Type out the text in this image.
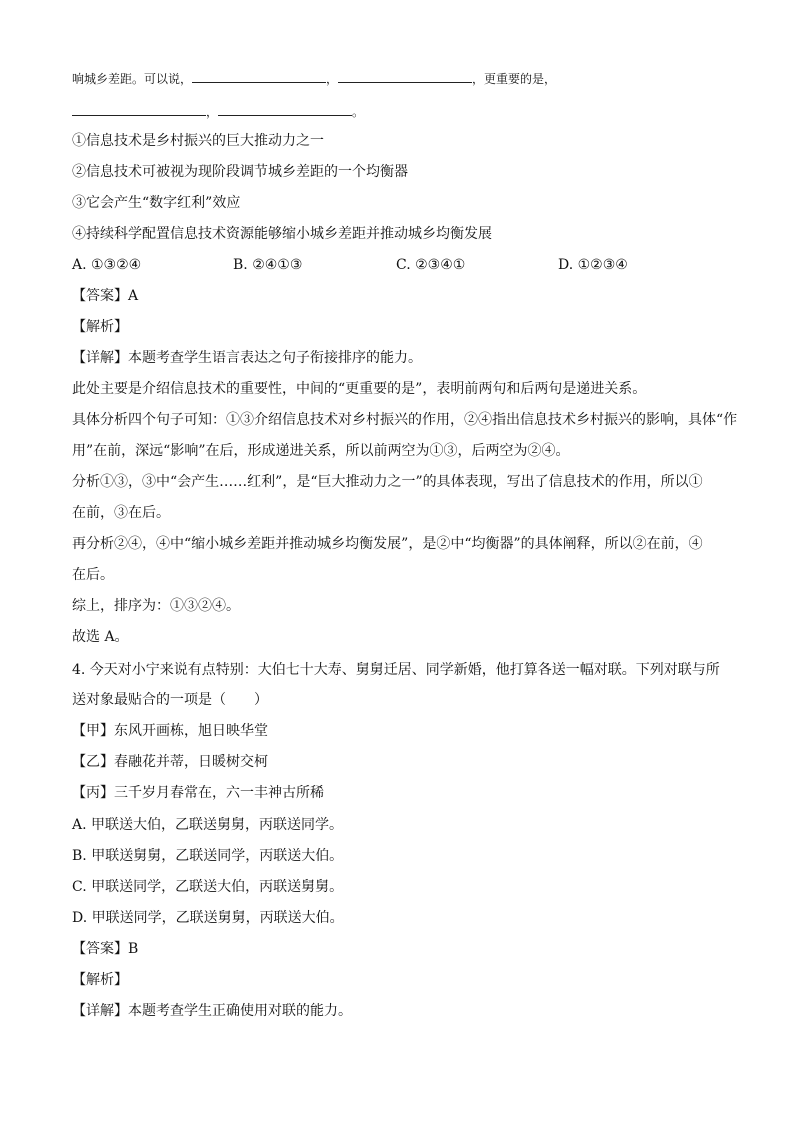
响城乡差距。可以说，	，	，更重要的是，
，	。
①信息技术是乡村振兴的巨大推动力之一
②信息技术可被视为现阶段调节城乡差距的一个均衡器
③它会产生“数字红利”效应
④持续科学配置信息技术资源能够缩小城乡差距并推动城乡均衡发展
A. ①③②④	B. ②④①③	C. ②③④①	D. ①②③④
【答案】A
【解析】
【详解】本题考查学生语言表达之句子衔接排序的能力。
此处主要是介绍信息技术的重要性，中间的“更重要的是”，表明前两句和后两句是递进关系。
具体分析四个句子可知：①③介绍信息技术对乡村振兴的作用，②④指出信息技术乡村振兴的影响，具体“作
用”在前，深远“影响”在后，形成递进关系，所以前两空为①③，后两空为②④。
分析①③，③中“会产生……红利”，是“巨大推动力之一”的具体表现，写出了信息技术的作用，所以①
在前，③在后。
再分析②④，④中“缩小城乡差距并推动城乡均衡发展”，是②中“均衡器”的具体阐释，所以②在前，④
在后。
综上，排序为：①③②④。
故选 A。
4. 今天对小宁来说有点特别：大伯七十大寿、舅舅迁居、同学新婚，他打算各送一幅对联。下列对联与所
送对象最贴合的一项是（　　）
【甲】东风开画栋，旭日映华堂
【乙】春融花并蒂，日暖树交柯
【丙】三千岁月春常在，六一丰神古所稀
A. 甲联送大伯，乙联送舅舅，丙联送同学。
B. 甲联送舅舅，乙联送同学，丙联送大伯。
C. 甲联送同学，乙联送大伯，丙联送舅舅。
D. 甲联送同学，乙联送舅舅，丙联送大伯。
【答案】B
【解析】
【详解】本题考查学生正确使用对联的能力。
